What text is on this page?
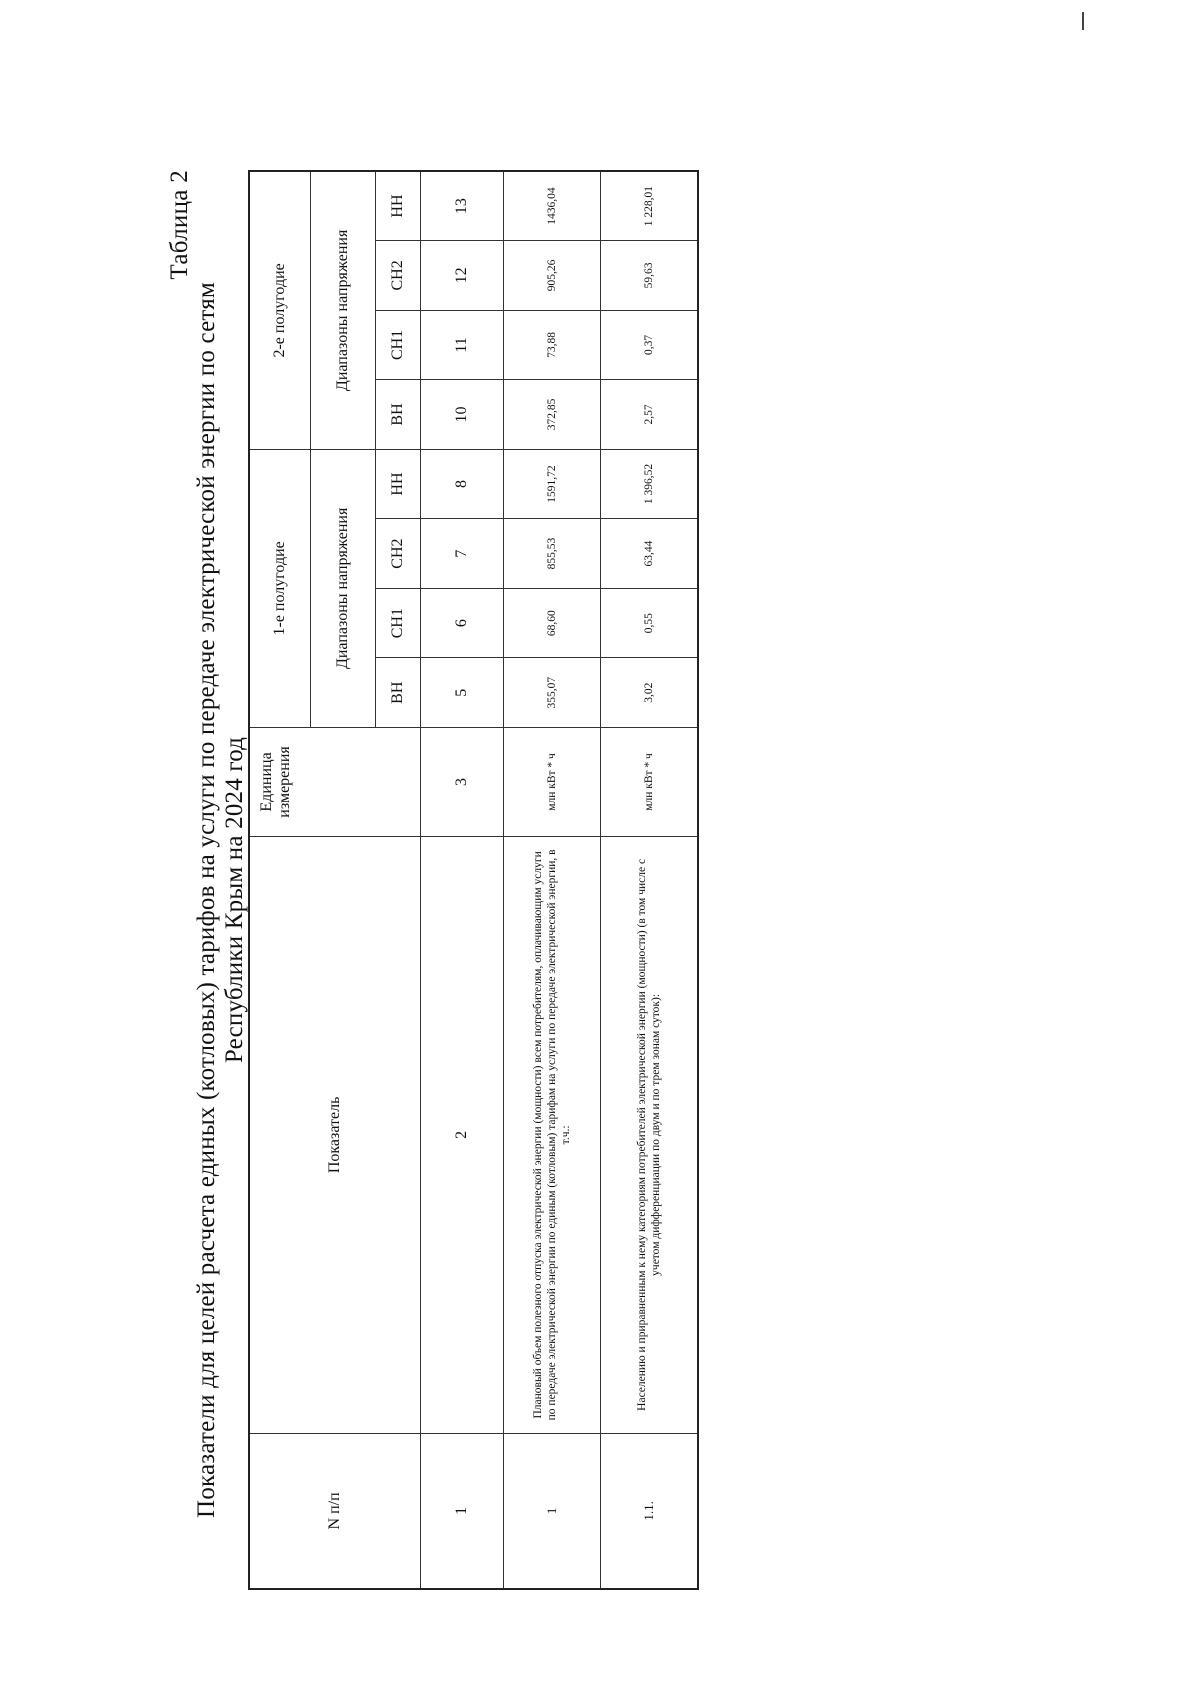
Таблица 2
Показатели для целей расчета единых (котловых) тарифов на услуги по передаче электрической энергии по сетям Республики Крым на 2024 год
N п/п	Показатель	Единица измерения	1-е полугодие				2-е полугодие			
			Диапазоны напряжения				Диапазоны напряжения			
			ВН	СН1	СН2	НН	ВН	СН1	СН2	НН
1	2	3	5	6	7	8	10	11	12	13
1	Плановый объем полезного отпуска электрической энергии (мощности) всем потребителям, оплачивающим услуги по передаче электрической энергии по единым (котловым) тарифам на услуги по передаче электрической энергии, в т.ч.:	млн кВт * ч	355,07	68,60	855,53	1591,72	372,85	73,88	905,26	1436,04
1.1.	Населению и приравненным к нему категориям потребителей электрической энергии (мощности) (в том числе с учетом дифференциации по двум и по трем зонам суток):	млн кВт * ч	3,02	0,55	63,44	1 396,52	2,57	0,37	59,63	1 228,01
